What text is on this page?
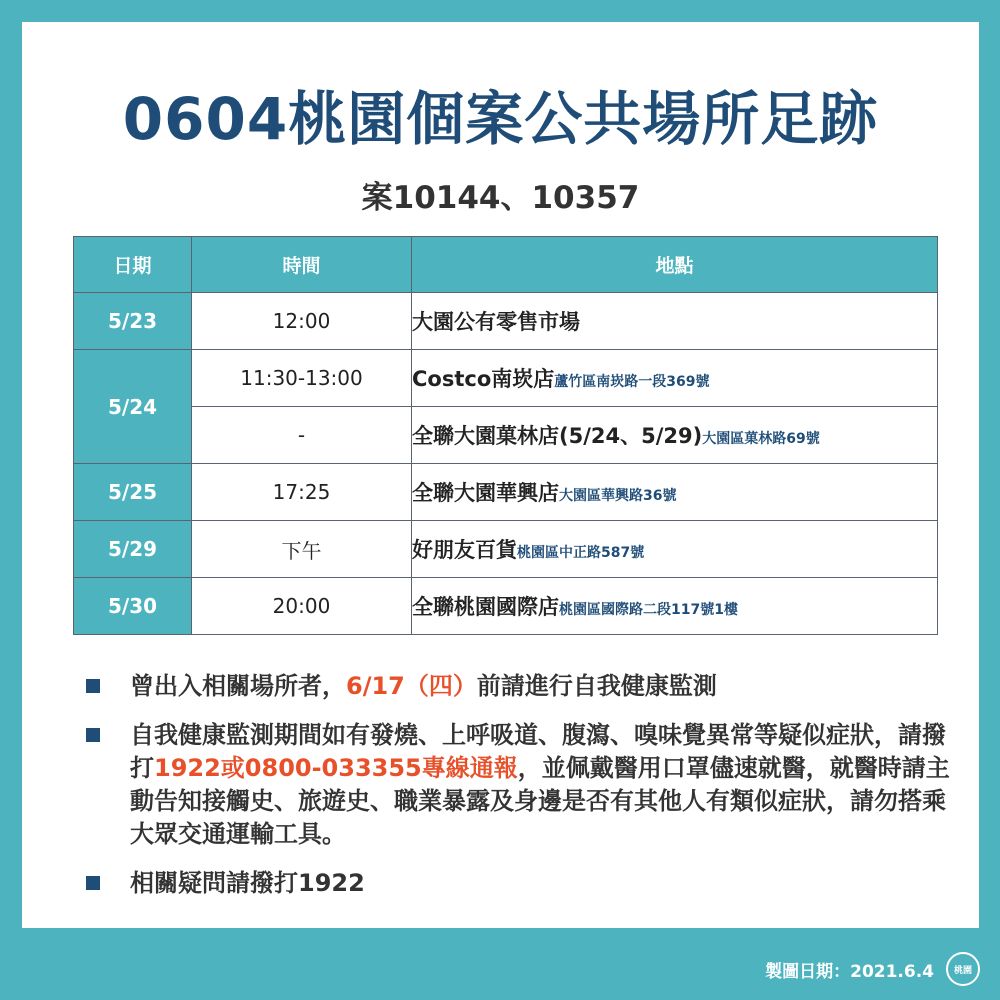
0604桃園個案公共場所足跡
案10144、10357
日期	時間	地點
5/23	12:00	大園公有零售市場
5/24	11:30-13:00	Costco南崁店蘆竹區南崁路一段369號
	-	全聯大園菓林店(5/24、5/29)大園區菓林路69號
5/25	17:25	全聯大園華興店大園區華興路36號
5/29	下午	好朋友百貨桃園區中正路587號
5/30	20:00	全聯桃園國際店桃園區國際路二段117號1樓
曾出入相關場所者，6/17（四）前請進行自我健康監測
自我健康監測期間如有發燒、上呼吸道、腹瀉、嗅味覺異常等疑似症狀，請撥打1922或0800-033355專線通報，並佩戴醫用口罩儘速就醫，就醫時請主動告知接觸史、旅遊史、職業暴露及身邊是否有其他人有類似症狀，請勿搭乘大眾交通運輸工具。
相關疑問請撥打1922
製圖日期：2021.6.4 桃園
